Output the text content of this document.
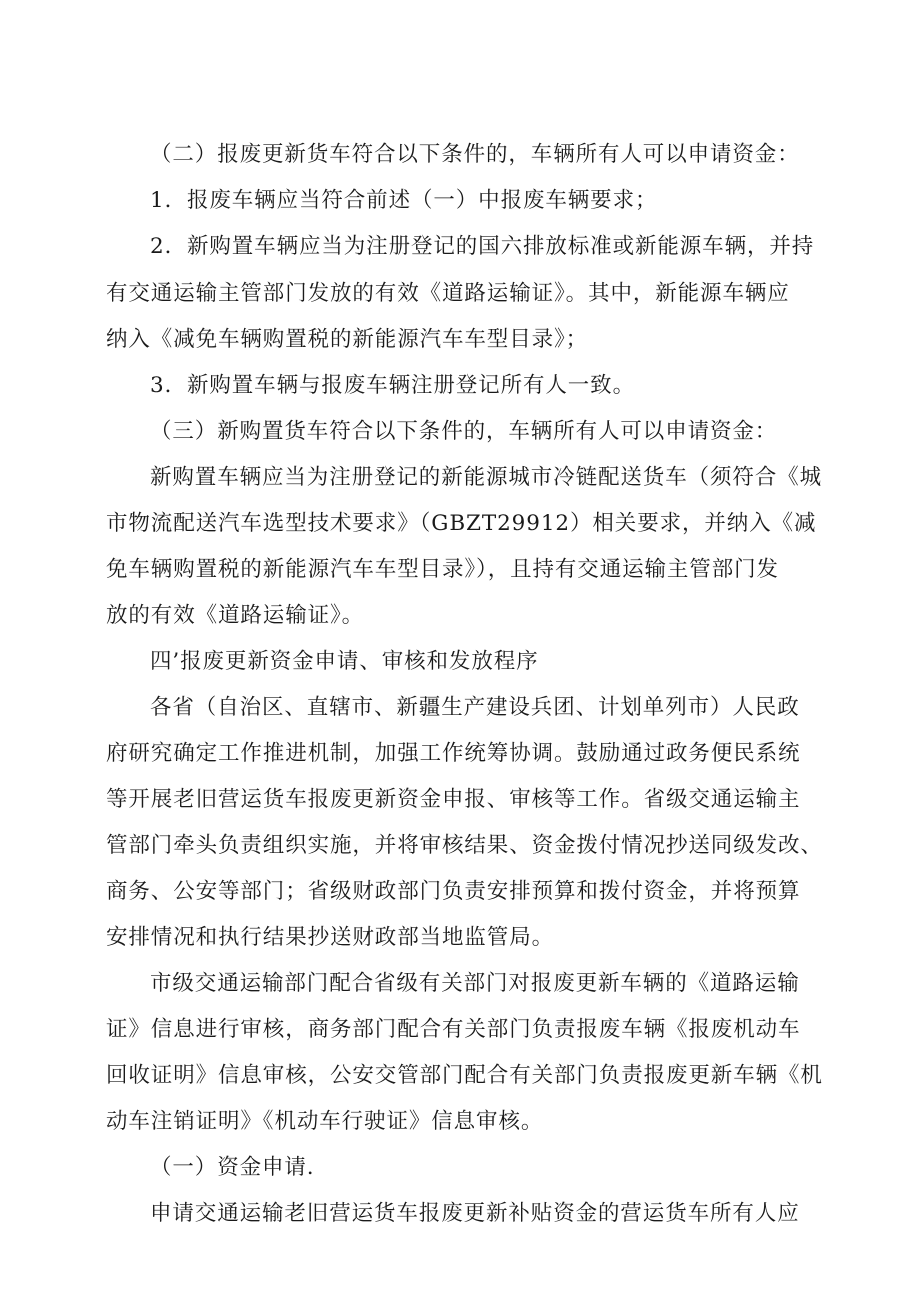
（二）报废更新货车符合以下条件的，车辆所有人可以申请资金：
1．报废车辆应当符合前述（一）中报废车辆要求；
2．新购置车辆应当为注册登记的国六排放标准或新能源车辆，并持
有交通运输主管部门发放的有效《道路运输证》。其中，新能源车辆应
纳入《减免车辆购置税的新能源汽车车型目录》；
3．新购置车辆与报废车辆注册登记所有人一致。
（三）新购置货车符合以下条件的，车辆所有人可以申请资金：
新购置车辆应当为注册登记的新能源城市冷链配送货车（须符合《城
市物流配送汽车选型技术要求》（GBZT29912）相关要求，并纳入《减
免车辆购置税的新能源汽车车型目录》），且持有交通运输主管部门发
放的有效《道路运输证》。
四’报废更新资金申请、审核和发放程序
各省（自治区、直辖市、新疆生产建设兵团、计划单列市）人民政
府研究确定工作推进机制，加强工作统筹协调。鼓励通过政务便民系统
等开展老旧营运货车报废更新资金申报、审核等工作。省级交通运输主
管部门牵头负责组织实施，并将审核结果、资金拨付情况抄送同级发改、
商务、公安等部门；省级财政部门负责安排预算和拨付资金，并将预算
安排情况和执行结果抄送财政部当地监管局。
市级交通运输部门配合省级有关部门对报废更新车辆的《道路运输
证》信息进行审核，商务部门配合有关部门负责报废车辆《报废机动车
回收证明》信息审核，公安交管部门配合有关部门负责报废更新车辆《机
动车注销证明》《机动车行驶证》信息审核。
（一）资金申请.
申请交通运输老旧营运货车报废更新补贴资金的营运货车所有人应
